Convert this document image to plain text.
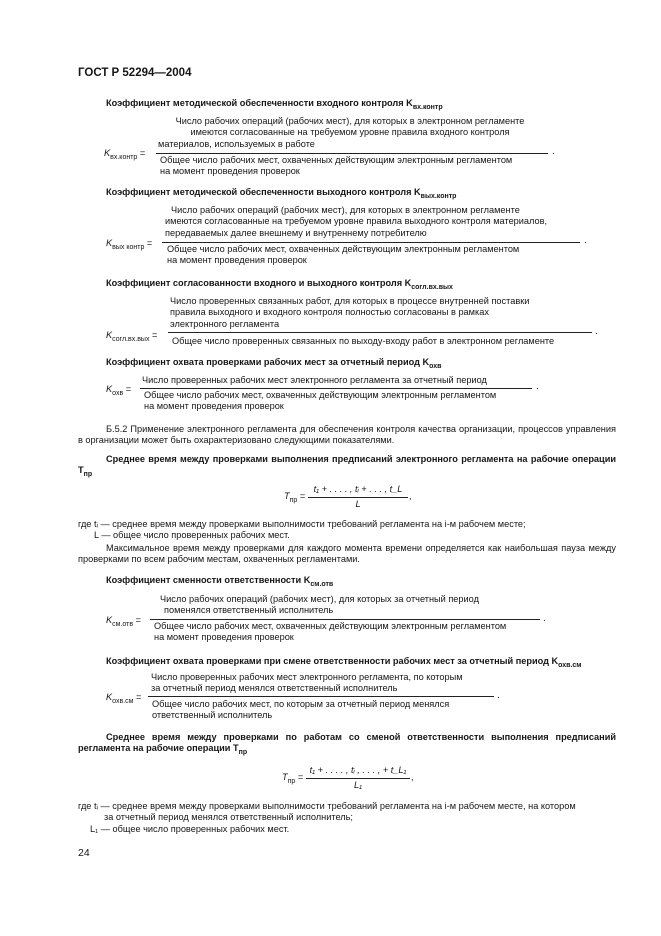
ГОСТ Р 52294—2004
Коэффициент методической обеспеченности входного контроля $K_{вх.контр}$
$K_{вх.контр}$ =
Число рабочих операций (рабочих мест), для которых в электронном регламенте
имеются согласованные на требуемом уровне правила входного контроля
материалов, используемых в работе
.
Общее число рабочих мест, охваченных действующим электронным регламентом
на момент проведения проверок
Коэффициент методической обеспеченности выходного контроля $K_{вых.контр}$
$K_{вых контр}$ =
Число рабочих операций (рабочих мест), для которых в электронном регламенте
имеются согласованные на требуемом уровне правила выходного контроля материалов,
передаваемых далее внешнему и внутреннему потребителю
.
Общее число рабочих мест, охваченных действующим электронным регламентом
на момент проведения проверок
Коэффициент согласованности входного и выходного контроля $K_{согл.вх.вых}$
$K_{согл.вх.вых}$ =
Число проверенных связанных работ, для которых в процессе внутренней поставки
правила выходного и входного контроля полностью согласованы в рамках
электронного регламента
.
Общее число проверенных связанных по выходу-входу работ в электронном регламенте
Коэффициент охвата проверками рабочих мест за отчетный период $K_{охв}$
$K_{охв}$ =
Число проверенных рабочих мест электронного регламента за отчетный период
.
Общее число рабочих мест, охваченных действующим электронным регламентом
на момент проведения проверок
Б.5.2 Применение электронного регламента для обеспечения контроля качества организации, процессов управления в организации может быть охарактеризовано следующими показателями.
Среднее время между проверками выполнения предписаний электронного регламента на рабочие операции $T_{пр}$
$T_{пр}$ =
t₁ + . . . . , tᵢ + . . . , t_L
L
,
где tᵢ — среднее время между проверками выполнимости требований регламента на i-м рабочем месте;
L — общее число проверенных рабочих мест.
Максимальное время между проверками для каждого момента времени определяется как наибольшая пауза между проверками по всем рабочим местам, охваченных регламентами.
Коэффициент сменности ответственности $K_{см.отв}$
$K_{см.отв}$ =
Число рабочих операций (рабочих мест), для которых за отчетный период
поменялся ответственный исполнитель
.
Общее число рабочих мест, охваченных действующим электронным регламентом
на момент проведения проверок
Коэффициент охвата проверками при смене ответственности рабочих мест за отчетный период $K_{охв.см}$
$K_{охв.см}$ =
Число проверенных рабочих мест электронного регламента, по которым
за отчетный период менялся ответственный исполнитель
.
Общее число рабочих мест, по которым за отчетный период менялся
ответственный исполнитель
Среднее время между проверками по работам со сменой ответственности выполнения предписаний регламента на рабочие операции $T_{пр}$
$T_{пр}$ =
t₁ + . . . . , tᵢ , . . . , + t_L₁
L₁
,
где tᵢ — среднее время между проверками выполнимости требований регламента на i-м рабочем месте, на котором
за отчетный период менялся ответственный исполнитель;
L₁ — общее число проверенных рабочих мест.
24
